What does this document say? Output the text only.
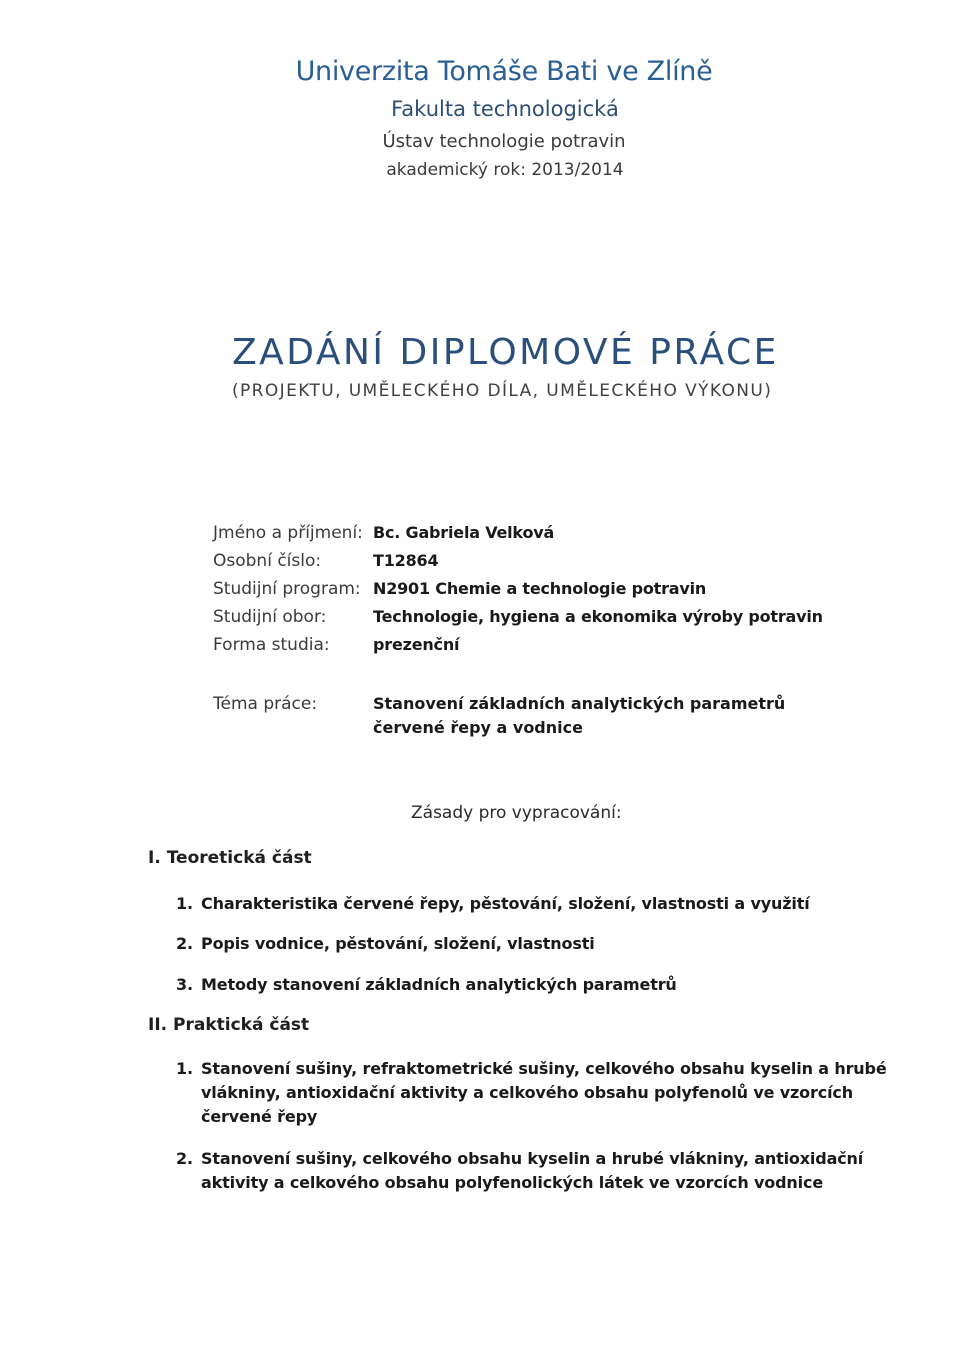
Univerzita Tomáše Bati ve Zlíně
Fakulta technologická
Ústav technologie potravin
akademický rok: 2013/2014
ZADÁNÍ DIPLOMOVÉ PRÁCE
(PROJEKTU, UMĚLECKÉHO DÍLA, UMĚLECKÉHO VÝKONU)
Jméno a příjmení: Bc. Gabriela Velková
Osobní číslo:	T12864
Studijní program: N2901 Chemie a technologie potravin
Studijní obor:	Technologie, hygiena a ekonomika výroby potravin
Forma studia:	prezenční
Téma práce:	Stanovení základních analytických parametrů
červené řepy a vodnice
Zásady pro vypracování:
I. Teoretická část
1. Charakteristika červené řepy, pěstování, složení, vlastnosti a využití
2. Popis vodnice, pěstování, složení, vlastnosti
3. Metody stanovení základních analytických parametrů
II. Praktická část
1. Stanovení sušiny, refraktometrické sušiny, celkového obsahu kyselin a hrubé vlákniny, antioxidační aktivity a celkového obsahu polyfenolů ve vzorcích červené řepy
2. Stanovení sušiny, celkového obsahu kyselin a hrubé vlákniny, antioxidační aktivity a celkového obsahu polyfenolických látek ve vzorcích vodnice
